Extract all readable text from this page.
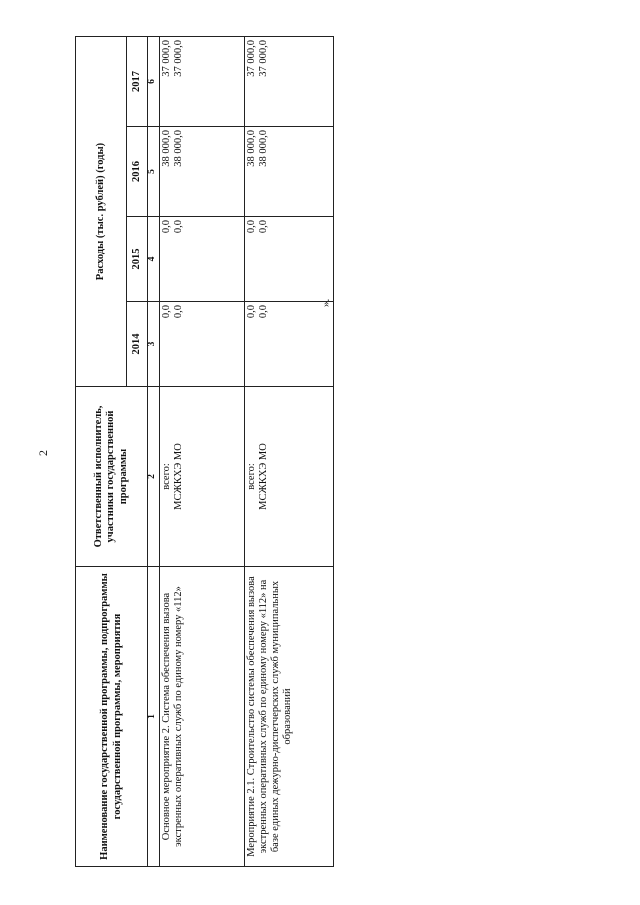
2
Наименование государственной программы, подпрограммы государственной программы, мероприятия	Ответственный исполнитель, участники государственной программы	Расходы (тыс. рублей) (годы)			
		2014	2015	2016	2017
1	2	3	4	5	6
Основное мероприятие 2. Система обеспечения вызова экстренных оперативных служб по единому номеру «112»	всего: МСЖКХЭ МО	0,0 0,0	0,0 0,0	38 000,0 38 000,0	37 000,0 37 000,0

Мероприятие 2.1. Строительство системы обеспечения вызова экстренных оперативных служб по единому номеру «112» на базе единых дежурно-диспетчерских служб муниципальных образований	всего: МСЖКХЭ МО	0,0 0,0	0,0 0,0	38 000,0 38 000,0	37 000,0 37 000,0
».
